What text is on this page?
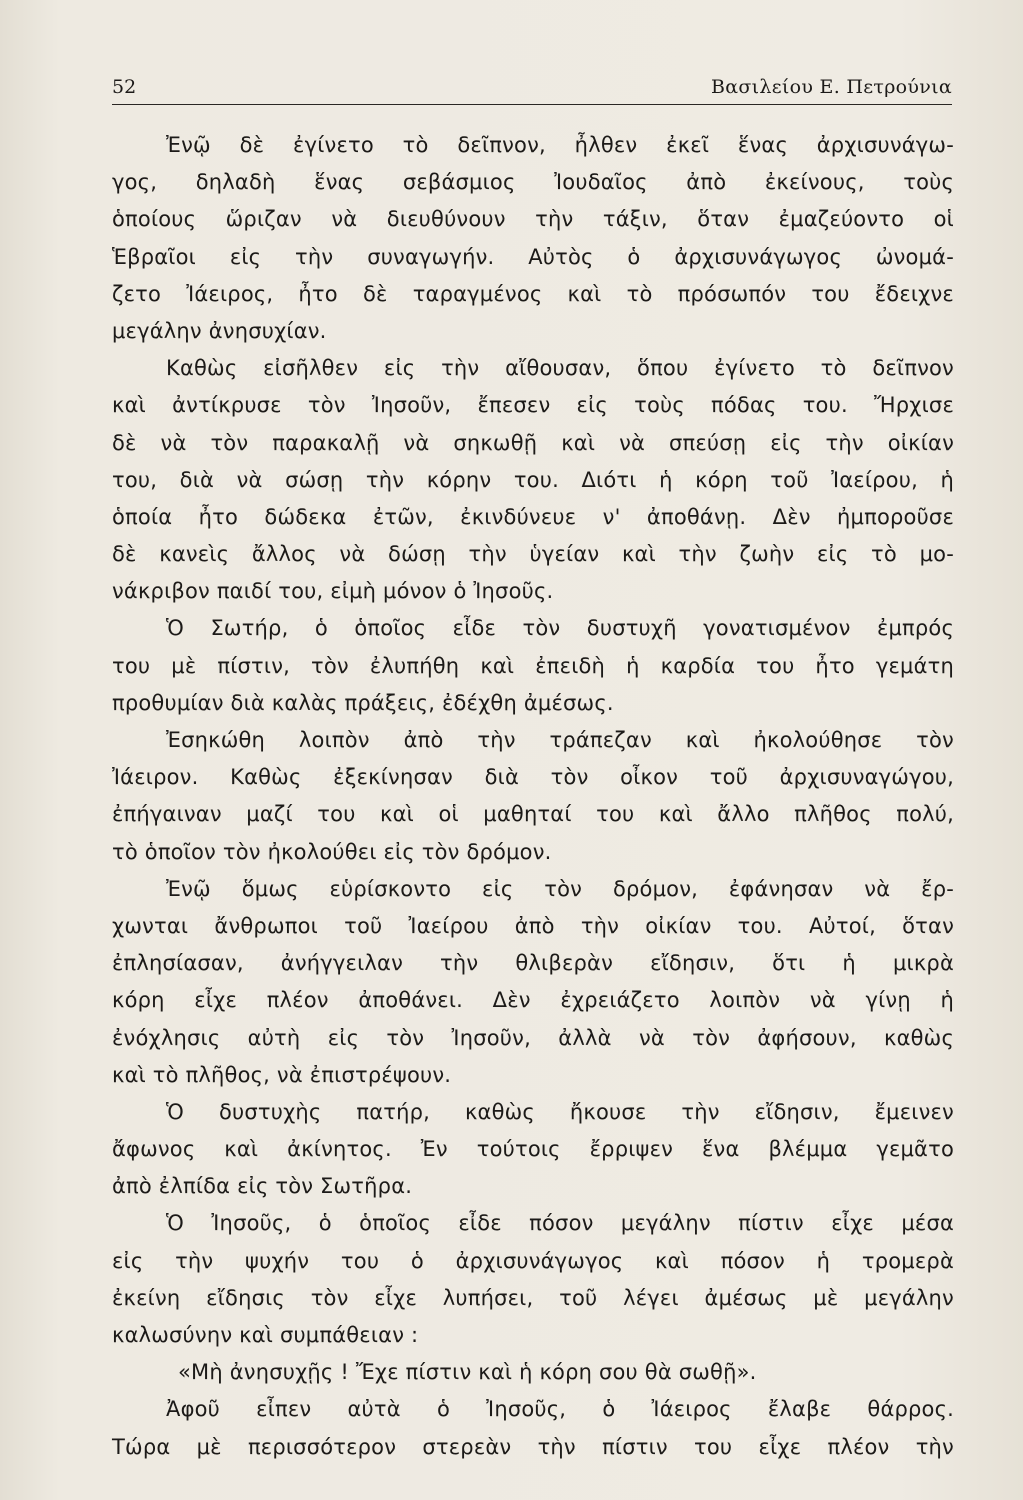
52	Βασιλείου Ε. Πετρούνια
Ἐνῷ δὲ ἐγίνετο τὸ δεῖπνον, ἦλθεν ἐκεῖ ἕνας ἀρχισυνάγω-
γος, δηλαδὴ ἕνας σεβάσμιος Ἰουδαῖος ἀπὸ ἐκείνους, τοὺς
ὁποίους ὥριζαν νὰ διευθύνουν τὴν τάξιν, ὅταν ἐμαζεύοντο οἱ
Ἑβραῖοι εἰς τὴν συναγωγήν. Αὐτὸς ὁ ἀρχισυνάγωγος ὠνομά-
ζετο Ἰάειρος, ἦτο δὲ ταραγμένος καὶ τὸ πρόσωπόν του ἔδειχνε
μεγάλην ἀνησυχίαν.
Καθὼς εἰσῆλθεν εἰς τὴν αἴθουσαν, ὅπου ἐγίνετο τὸ δεῖπνον
καὶ ἀντίκρυσε τὸν Ἰησοῦν, ἔπεσεν εἰς τοὺς πόδας του. Ἤρχισε
δὲ νὰ τὸν παρακαλῇ νὰ σηκωθῇ καὶ νὰ σπεύσῃ εἰς τὴν οἰκίαν
του, διὰ νὰ σώσῃ τὴν κόρην του. Διότι ἡ κόρη τοῦ Ἰαείρου, ἡ
ὁποία ἦτο δώδεκα ἐτῶν, ἐκινδύνευε ν' ἀποθάνῃ. Δὲν ἠμποροῦσε
δὲ κανεὶς ἄλλος νὰ δώσῃ τὴν ὑγείαν καὶ τὴν ζωὴν εἰς τὸ μο-
νάκριβον παιδί του, εἰμὴ μόνον ὁ Ἰησοῦς.
Ὁ Σωτήρ, ὁ ὁποῖος εἶδε τὸν δυστυχῆ γονατισμένον ἐμπρός
του μὲ πίστιν, τὸν ἐλυπήθη καὶ ἐπειδὴ ἡ καρδία του ἦτο γεμάτη
προθυμίαν διὰ καλὰς πράξεις, ἐδέχθη ἀμέσως.
Ἐσηκώθη λοιπὸν ἀπὸ τὴν τράπεζαν καὶ ἠκολούθησε τὸν
Ἰάειρον. Καθὼς ἐξεκίνησαν διὰ τὸν οἶκον τοῦ ἀρχισυναγώγου,
ἐπήγαιναν μαζί του καὶ οἱ μαθηταί του καὶ ἄλλο πλῆθος πολύ,
τὸ ὁποῖον τὸν ἠκολούθει εἰς τὸν δρόμον.
Ἐνῷ ὅμως εὑρίσκοντο εἰς τὸν δρόμον, ἐφάνησαν νὰ ἔρ-
χωνται ἄνθρωποι τοῦ Ἰαείρου ἀπὸ τὴν οἰκίαν του. Αὐτοί, ὅταν
ἐπλησίασαν, ἀνήγγειλαν τὴν θλιβερὰν εἴδησιν, ὅτι ἡ μικρὰ
κόρη εἶχε πλέον ἀποθάνει. Δὲν ἐχρειάζετο λοιπὸν νὰ γίνῃ ἡ
ἐνόχλησις αὐτὴ εἰς τὸν Ἰησοῦν, ἀλλὰ νὰ τὸν ἀφήσουν, καθὼς
καὶ τὸ πλῆθος, νὰ ἐπιστρέψουν.
Ὁ δυστυχὴς πατήρ, καθὼς ἤκουσε τὴν εἴδησιν, ἔμεινεν
ἄφωνος καὶ ἀκίνητος. Ἐν τούτοις ἔρριψεν ἕνα βλέμμα γεμᾶτο
ἀπὸ ἐλπίδα εἰς τὸν Σωτῆρα.
Ὁ Ἰησοῦς, ὁ ὁποῖος εἶδε πόσον μεγάλην πίστιν εἶχε μέσα
εἰς τὴν ψυχήν του ὁ ἀρχισυνάγωγος καὶ πόσον ἡ τρομερὰ
ἐκείνη εἴδησις τὸν εἶχε λυπήσει, τοῦ λέγει ἀμέσως μὲ μεγάλην
καλωσύνην καὶ συμπάθειαν :
«Μὴ ἀνησυχῇς ! Ἔχε πίστιν καὶ ἡ κόρη σου θὰ σωθῇ».
Ἀφοῦ εἶπεν αὐτὰ ὁ Ἰησοῦς, ὁ Ἰάειρος ἔλαβε θάρρος.
Τώρα μὲ περισσότερον στερεὰν τὴν πίστιν του εἶχε πλέον τὴν
